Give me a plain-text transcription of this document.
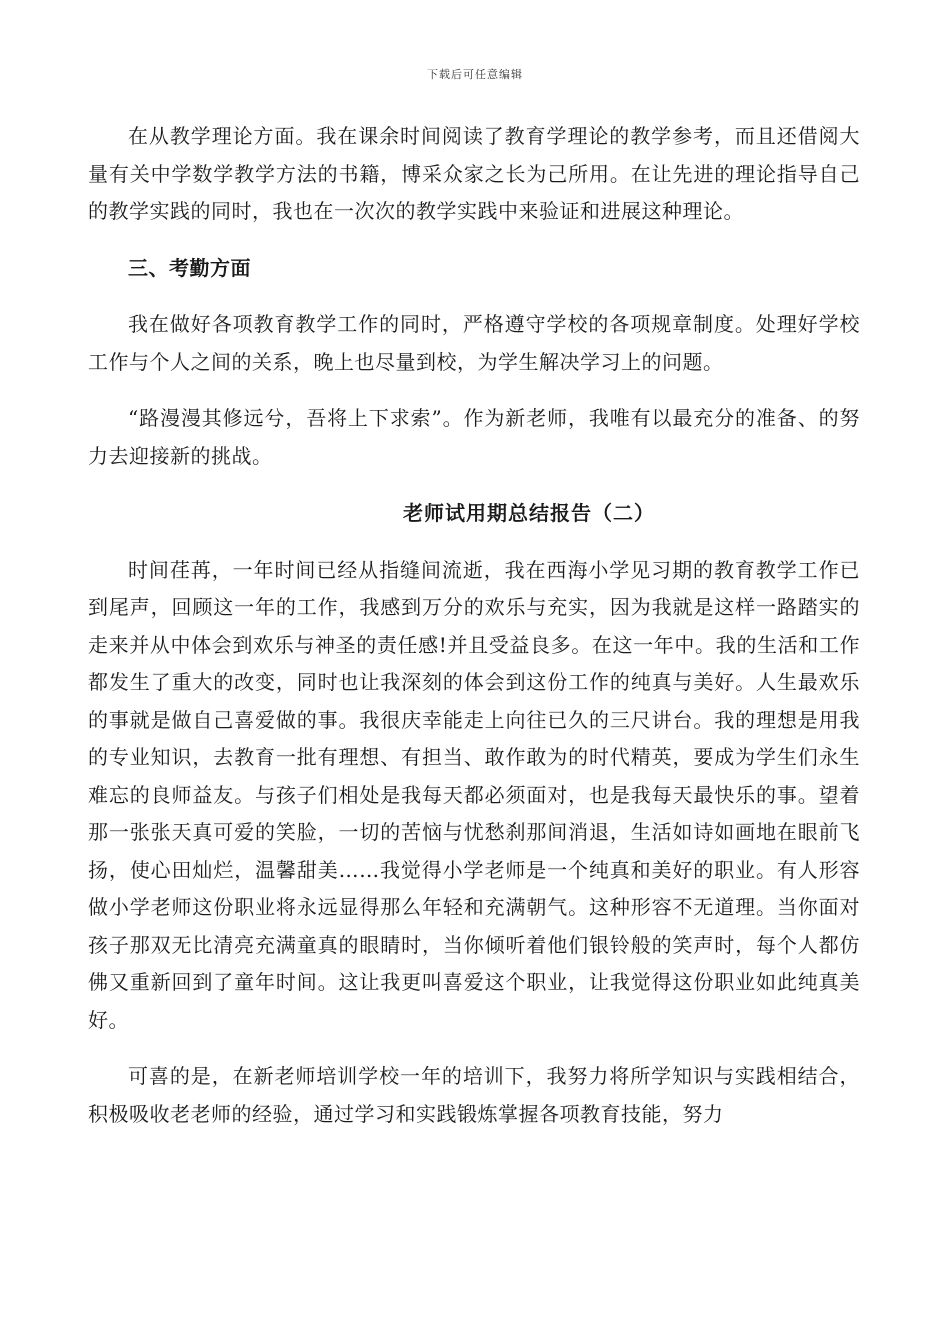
下载后可任意编辑

在从教学理论方面。我在课余时间阅读了教育学理论的教学参考，而且还借阅大量有关中学数学教学方法的书籍，博采众家之长为己所用。在让先进的理论指导自己的教学实践的同时，我也在一次次的教学实践中来验证和进展这种理论。

三、考勤方面

我在做好各项教育教学工作的同时，严格遵守学校的各项规章制度。处理好学校工作与个人之间的关系，晚上也尽量到校，为学生解决学习上的问题。

“路漫漫其修远兮，吾将上下求索”。作为新老师，我唯有以最充分的准备、的努力去迎接新的挑战。

老师试用期总结报告（二）

时间荏苒，一年时间已经从指缝间流逝，我在西海小学见习期的教育教学工作已到尾声，回顾这一年的工作，我感到万分的欢乐与充实，因为我就是这样一路踏实的走来并从中体会到欢乐与神圣的责任感!并且受益良多。在这一年中。我的生活和工作都发生了重大的改变，同时也让我深刻的体会到这份工作的纯真与美好。人生最欢乐的事就是做自己喜爱做的事。我很庆幸能走上向往已久的三尺讲台。我的理想是用我的专业知识，去教育一批有理想、有担当、敢作敢为的时代精英，要成为学生们永生难忘的良师益友。与孩子们相处是我每天都必须面对，也是我每天最快乐的事。望着那一张张天真可爱的笑脸，一切的苦恼与忧愁刹那间消退，生活如诗如画地在眼前飞扬，使心田灿烂，温馨甜美……我觉得小学老师是一个纯真和美好的职业。有人形容做小学老师这份职业将永远显得那么年轻和充满朝气。这种形容不无道理。当你面对孩子那双无比清亮充满童真的眼睛时，当你倾听着他们银铃般的笑声时，每个人都仿佛又重新回到了童年时间。这让我更叫喜爱这个职业，让我觉得这份职业如此纯真美好。

可喜的是，在新老师培训学校一年的培训下，我努力将所学知识与实践相结合，积极吸收老老师的经验，通过学习和实践锻炼掌握各项教育技能，努力
